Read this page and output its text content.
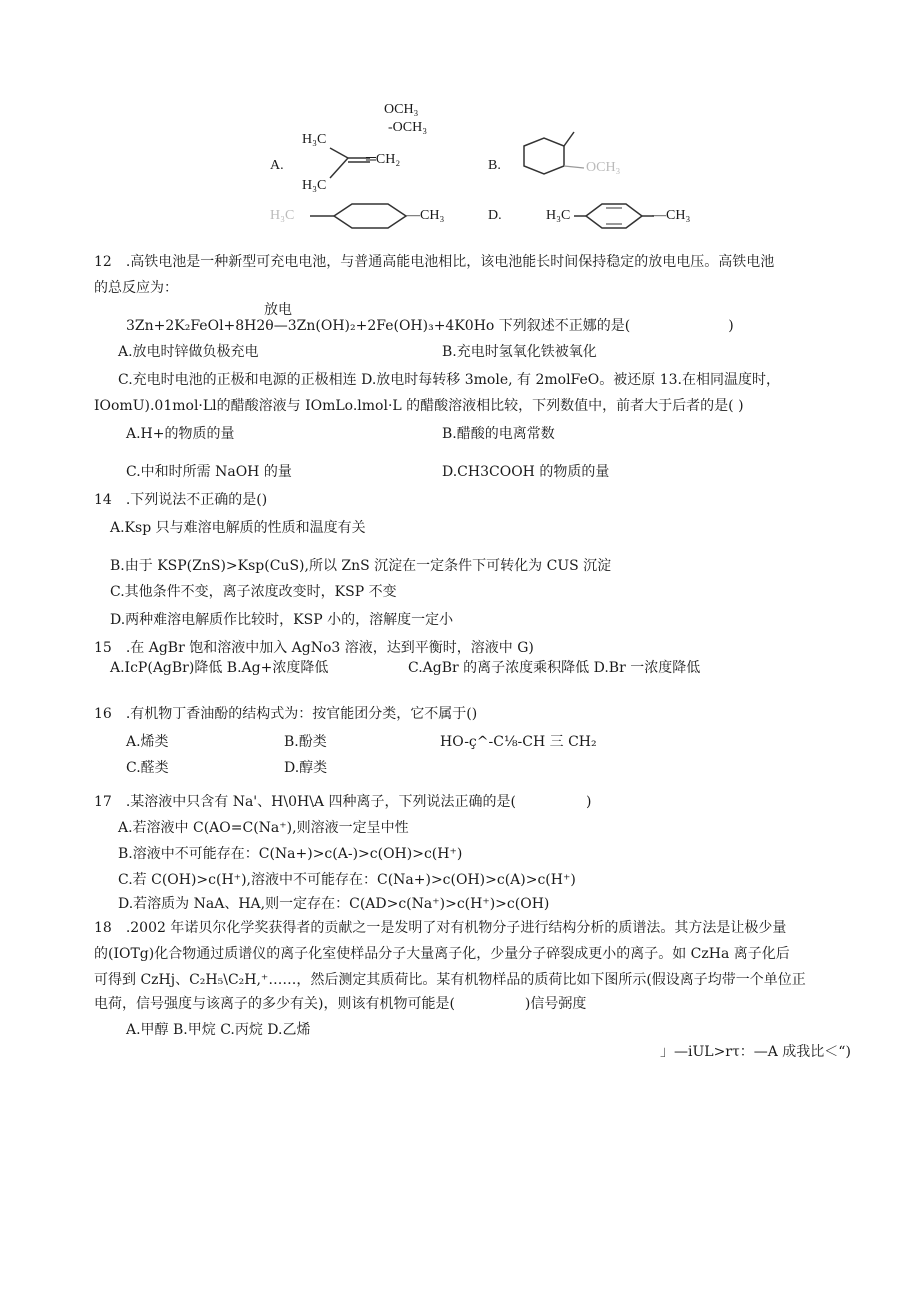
OCH₃
-OCH₃
A.
H₃C
═CH₂
H₃C
B.	OCH₃
H₃C	—CH₃	D.	H₃C	—CH₃
12　.高铁电池是一种新型可充电电池，与普通高能电池相比，该电池能长时间保持稳定的放电电压。高铁电池
的总反应为：
放电
3Zn+2K₂FeOl+8H2θ—3Zn(OH)₂+2Fe(OH)₃+4K0Ho 下列叙述不正娜的是(　　　　　　　)
A.放电时锌做负极充电	B.充电时氢氧化铁被氧化
C.充电时电池的正极和电源的正极相连 D.放电时每转移 3mole, 有 2molFeO。被还原 13.在相同温度时，
IOomU).01mol·Ll的醋酸溶液与 IOmLo.lmol·L 的醋酸溶液相比较，下列数值中，前者大于后者的是( )
A.H+的物质的量	B.醋酸的电离常数
C.中和时所需 NaOH 的量	D.CH3COOH 的物质的量
14　.下列说法不正确的是()
A.Ksp 只与难溶电解质的性质和温度有关
B.由于 KSP(ZnS)>Ksp(CuS),所以 ZnS 沉淀在一定条件下可转化为 CUS 沉淀
C.其他条件不变，离子浓度改变时，KSP 不变
D.两种难溶电解质作比较时，KSP 小的，溶解度一定小
15　.在 AgBr 饱和溶液中加入 AgNo3 溶液，达到平衡时，溶液中 G)
A.IcP(AgBr)降低 B.Ag+浓度降低	C.AgBr 的离子浓度乘积降低 D.Br 一浓度降低
16　.有机物丁香油酚的结构式为：按官能团分类，它不属于()
A.烯类	B.酚类	HO-ç^-C⅛-CH 三 CH₂
C.醛类	D.醇类
17　.某溶液中只含有 Na'、H\0H\A 四种离子，下列说法正确的是(　　　　　)
A.若溶液中 C(AO=C(Na⁺),则溶液一定呈中性
B.溶液中不可能存在：C(Na+)>c(A-)>c(OH)>c(H⁺)
C.若 C(OH)>c(H⁺),溶液中不可能存在：C(Na+)>c(OH)>c(A)>c(H⁺)
D.若溶质为 NaA、HA,则一定存在：C(AD>c(Na⁺)>c(H⁺)>c(OH)
18　.2002 年诺贝尔化学奖获得者的贡献之一是发明了对有机物分子进行结构分析的质谱法。其方法是让极少量
的(IOTg)化合物通过质谱仪的离子化室使样品分子大量离子化，少量分子碎裂成更小的离子。如 CzHa 离子化后
可得到 CzHj、C₂H₅\C₂H,⁺……，然后测定其质荷比。某有机物样品的质荷比如下图所示(假设离子均带一个单位正
电荷，信号强度与该离子的多少有关)，则该有机物可能是(　　　　　)信号弼度
A.甲醇 B.甲烷 C.丙烷 D.乙烯
」—iUL>rτ：—A 成我比＜“)
